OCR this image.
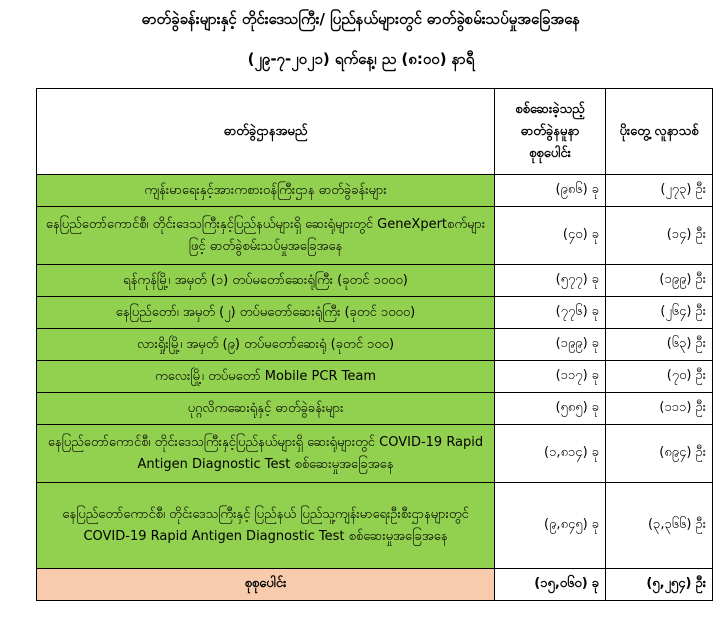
ဓာတ်ခွဲခန်းများနှင့် တိုင်းဒေသကြီး/ ပြည်နယ်များတွင် ဓာတ်ခွဲစမ်းသပ်မှုအခြေအနေ
(၂၉-၇-၂၀၂၁) ရက်နေ့၊ ည (၈:၀၀) နာရီ
ဓာတ်ခွဲဌာနအမည်	စစ်ဆေးခဲ့သည့် ဓာတ်ခွဲနမူနာ စုစုပေါင်း	ပိုးတွေ့ လူနာသစ်
ကျန်းမာရေးနှင့်အားကစားဝန်ကြီးဌာန ဓာတ်ခွဲခန်းများ	(၉၈၆) ခု	(၂၇၃) ဦး
နေပြည်တော်ကောင်စီ၊ တိုင်းဒေသကြီးနှင့်ပြည်နယ်များရှိ ဆေးရုံများတွင် GeneXpertစက်များဖြင့် ဓာတ်ခွဲစမ်းသပ်မှုအခြေအနေ	(၄၀) ခု	(၁၄) ဦး
ရန်ကုန်မြို့၊ အမှတ် (၁) တပ်မတော်ဆေးရုံကြီး (ခုတင် ၁၀၀၀)	(၅၇၇) ခု	(၁၉၉) ဦး
နေပြည်တော်၊ အမှတ် (၂) တပ်မတော်ဆေးရုံကြီး (ခုတင် ၁၀၀၀)	(၇၇၆) ခု	(၂၆၄) ဦး
လားရှိုးမြို့၊ အမှတ် (၉) တပ်မတော်ဆေးရုံ (ခုတင် ၁၀၀)	(၁၉၉) ခု	(၆၃) ဦး
ကလေးမြို့၊ တပ်မတော် Mobile PCR Team	(၁၁၇) ခု	(၇၀) ဦး
ပုဂ္ဂလိကဆေးရုံနှင့် ဓာတ်ခွဲခန်းများ	(၅၈၅) ခု	(၁၁၁) ဦး
နေပြည်တော်ကောင်စီ၊ တိုင်းဒေသကြီးနှင့်ပြည်နယ်များရှိ ဆေးရုံများတွင် COVID-19 Rapid Antigen Diagnostic Test စစ်ဆေးမှုအခြေအနေ	(၁,၈၁၄) ခု	(၈၉၄) ဦး
နေပြည်တော်ကောင်စီ၊ တိုင်းဒေသကြီးနှင့် ပြည်နယ် ပြည်သူ့ကျန်းမာရေးဦးစီးဌာနများတွင် COVID-19 Rapid Antigen Diagnostic Test စစ်ဆေးမှုအခြေအနေ	(၉,၈၄၅) ခု	(၃,၃၆၆) ဦး
စုစုပေါင်း	(၁၅,၀၆၀) ခု	(၅,၂၅၄) ဦး
